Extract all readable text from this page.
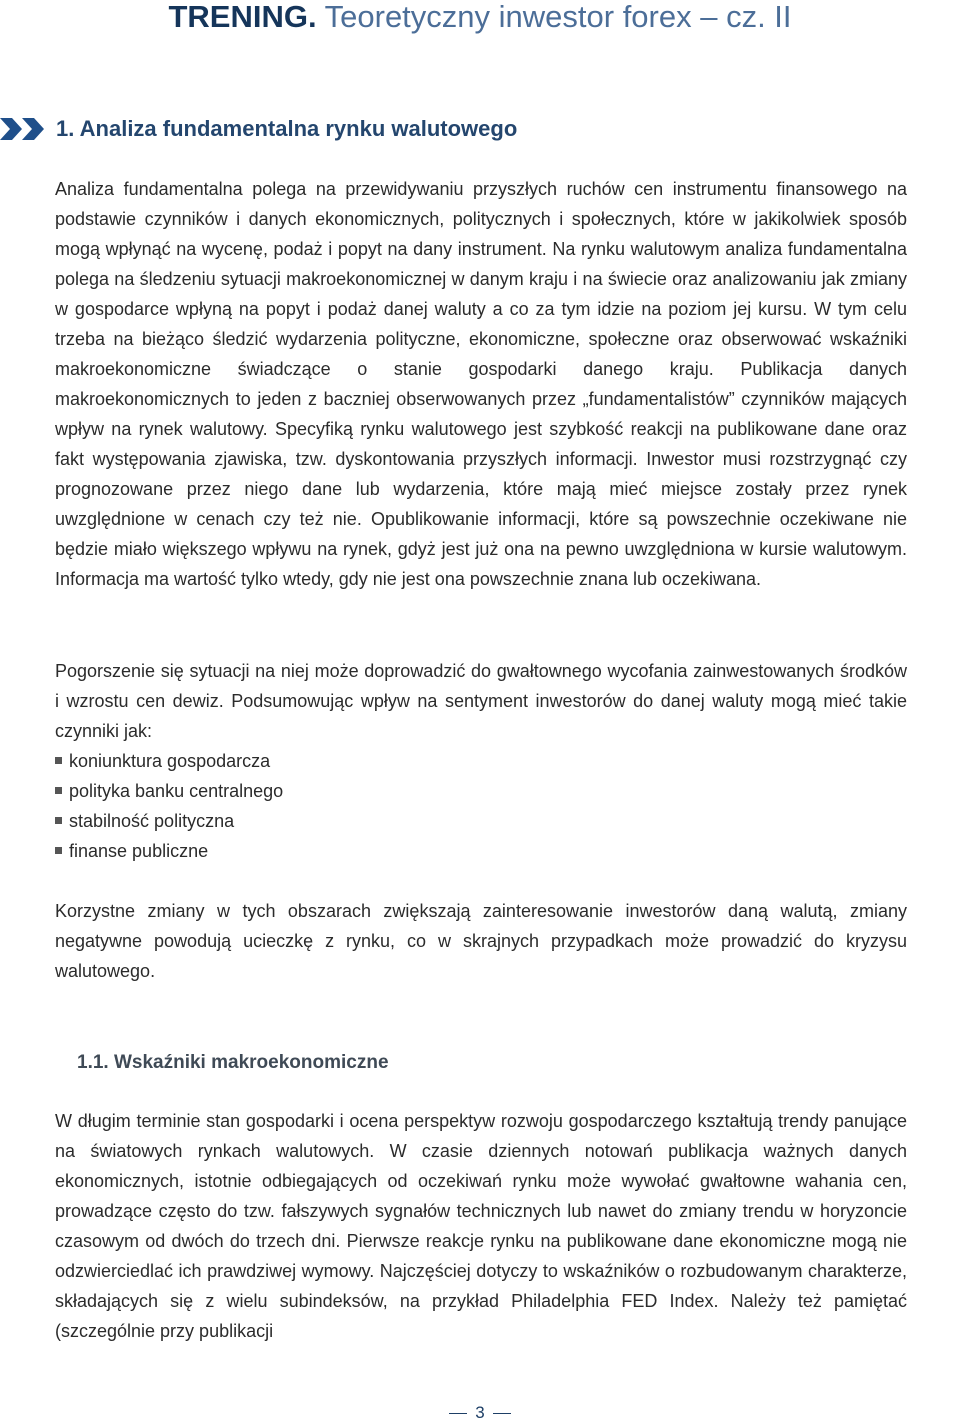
TRENING. Teoretyczny inwestor forex – cz. II
1. Analiza fundamentalna rynku walutowego

Analiza fundamentalna polega na przewidywaniu przyszłych ruchów cen instrumentu finansowego na podstawie czynników i danych ekonomicznych, politycznych i społecznych, które w jakikolwiek sposób mogą wpłynąć na wycenę, podaż i popyt na dany instrument. Na rynku walutowym analiza fundamentalna polega na śledzeniu sytuacji makroekonomicznej w danym kraju i na świecie oraz analizowaniu jak zmiany w gospodarce wpłyną na popyt i podaż danej waluty a co za tym idzie na poziom jej kursu. W tym celu trzeba na bieżąco śledzić wydarzenia polityczne, ekonomiczne, społeczne oraz obserwować wskaźniki makroekonomiczne świadczące o stanie gospodarki danego kraju. Publikacja danych makroekonomicznych to jeden z baczniej obserwowanych przez „fundamentalistów” czynników mających wpływ na rynek walutowy. Specyfiką rynku walutowego jest szybkość reakcji na publikowane dane oraz fakt występowania zjawiska, tzw. dyskontowania przyszłych informacji. Inwestor musi rozstrzygnąć czy prognozowane przez niego dane lub wydarzenia, które mają mieć miejsce zostały przez rynek uwzględnione w cenach czy też nie. Opublikowanie informacji, które są powszechnie oczekiwane nie będzie miało większego wpływu na rynek, gdyż jest już ona na pewno uwzględniona w kursie walutowym. Informacja ma wartość tylko wtedy, gdy nie jest ona powszechnie znana lub oczekiwana.

Pogorszenie się sytuacji na niej może doprowadzić do gwałtownego wycofania zainwestowanych środków i wzrostu cen dewiz. Podsumowując wpływ na sentyment inwestorów do danej waluty mogą mieć takie czynniki jak:

koniunktura gospodarcza
polityka banku centralnego
stabilność polityczna
finanse publiczne

Korzystne zmiany w tych obszarach zwiększają zainteresowanie inwestorów daną walutą, zmiany negatywne powodują ucieczkę z rynku, co w skrajnych przypadkach może prowadzić do kryzysu walutowego.

1.1. Wskaźniki makroekonomiczne

W długim terminie stan gospodarki i ocena perspektyw rozwoju gospodarczego kształtują trendy panujące na światowych rynkach walutowych. W czasie dziennych notowań publikacja ważnych danych ekonomicznych, istotnie odbiegających od oczekiwań rynku może wywołać gwałtowne wahania cen, prowadzące często do tzw. fałszywych sygnałów technicznych lub nawet do zmiany trendu w horyzoncie czasowym od dwóch do trzech dni. Pierwsze reakcje rynku na publikowane dane ekonomiczne mogą nie odzwierciedlać ich prawdziwej wymowy. Najczęściej dotyczy to wskaźników o rozbudowanym charakterze, składających się z wielu subindeksów, na przykład Philadelphia FED Index. Należy też pamiętać (szczególnie przy publikacji

3
